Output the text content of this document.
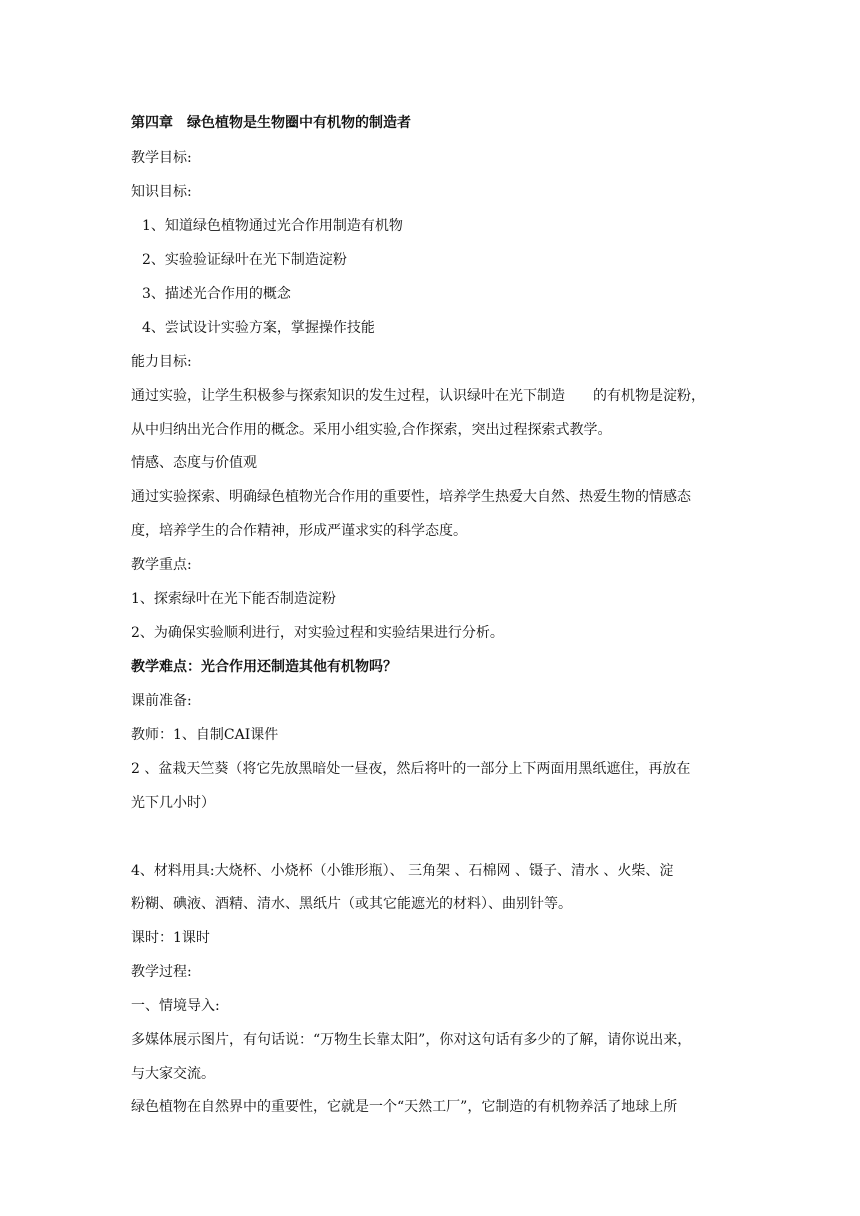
第四章　绿色植物是生物圈中有机物的制造者
教学目标:
知识目标:
1、知道绿色植物通过光合作用制造有机物
2、实验验证绿叶在光下制造淀粉
3、描述光合作用的概念
4、尝试设计实验方案，掌握操作技能
能力目标:
通过实验，让学生积极参与探索知识的发生过程，认识绿叶在光下制造　　的有机物是淀粉，
从中归纳出光合作用的概念。采用小组实验,合作探索，突出过程探索式教学。
情感、态度与价值观
通过实验探索、明确绿色植物光合作用的重要性，培养学生热爱大自然、热爱生物的情感态
度，培养学生的合作精神，形成严谨求实的科学态度。
教学重点:
1、探索绿叶在光下能否制造淀粉
2、为确保实验顺利进行，对实验过程和实验结果进行分析。
教学难点：光合作用还制造其他有机物吗？
课前准备:
教师：1、自制CAI课件
2 、盆栽天竺葵（将它先放黑暗处一昼夜，然后将叶的一部分上下两面用黑纸遮住，再放在
光下几小时）
4、材料用具:大烧杯、小烧杯（小锥形瓶）、 三角架 、石棉网 、镊子、清水 、火柴、淀
粉糊、碘液、酒精、清水、黑纸片（或其它能遮光的材料）、曲别针等。
课时：1课时
教学过程:
一、情境导入:
多媒体展示图片，有句话说：“万物生长靠太阳”，你对这句话有多少的了解，请你说出来，
与大家交流。
绿色植物在自然界中的重要性，它就是一个“天然工厂”，它制造的有机物养活了地球上所
